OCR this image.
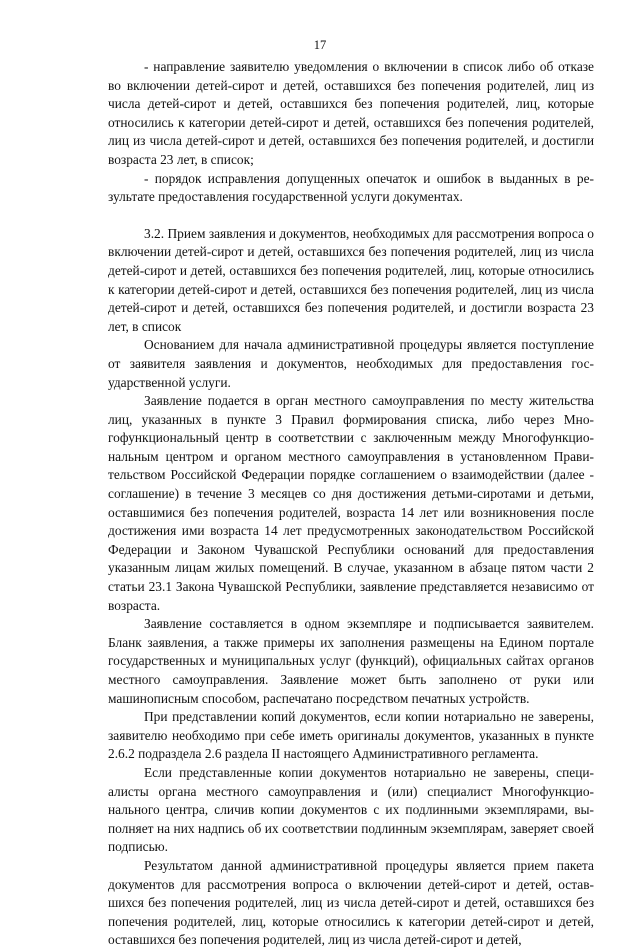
17

- направление заявителю уведомления о включении в список либо об отказе во включении детей-сирот и детей, оставшихся без попечения родителей, лиц из числа детей-сирот и детей, оставшихся без попечения родителей, лиц, которые относились к категории детей-сирот и детей, оставшихся без попечения родителей, лиц из числа детей-сирот и детей, оставшихся без попечения родителей, и достигли возраста 23 лет, в список;

- порядок исправления допущенных опечаток и ошибок в выданных в результате предоставления государственной услуги документах.

3.2. Прием заявления и документов, необходимых для рассмотрения вопроса о включении детей-сирот и детей, оставшихся без попечения родителей, лиц из числа детей-сирот и детей, оставшихся без попечения родителей, лиц, которые относились к категории детей-сирот и детей, оставшихся без попечения родителей, лиц из числа детей-сирот и детей, оставшихся без попечения родителей, и достигли возраста 23 лет, в список

Основанием для начала административной процедуры является поступление от заявителя заявления и документов, необходимых для предоставления государственной услуги.

Заявление подается в орган местного самоуправления по месту жительства лиц, указанных в пункте 3 Правил формирования списка, либо через Многофункциональный центр в соответствии с заключенным между Многофункциональным центром и органом местного самоуправления в установленном Правительством Российской Федерации порядке соглашением о взаимодействии (далее - соглашение) в течение 3 месяцев со дня достижения детьми-сиротами и детьми, оставшимися без попечения родителей, возраста 14 лет или возникновения после достижения ими возраста 14 лет предусмотренных законодательством Российской Федерации и Законом Чувашской Республики оснований для предоставления указанным лицам жилых помещений. В случае, указанном в абзаце пятом части 2 статьи 23.1 Закона Чувашской Республики, заявление представляется независимо от возраста.

Заявление составляется в одном экземпляре и подписывается заявителем. Бланк заявления, а также примеры их заполнения размещены на Едином портале государственных и муниципальных услуг (функций), официальных сайтах органов местного самоуправления. Заявление может быть заполнено от руки или машинописным способом, распечатано посредством печатных устройств.

При представлении копий документов, если копии нотариально не заверены, заявителю необходимо при себе иметь оригиналы документов, указанных в пункте 2.6.2 подраздела 2.6 раздела II настоящего Административного регламента.

Если представленные копии документов нотариально не заверены, специалисты органа местного самоуправления и (или) специалист Многофункционального центра, сличив копии документов с их подлинными экземплярами, выполняет на них надпись об их соответствии подлинным экземплярам, заверяет своей подписью.

Результатом данной административной процедуры является прием пакета документов для рассмотрения вопроса о включении детей-сирот и детей, оставшихся без попечения родителей, лиц из числа детей-сирот и детей, оставшихся без попечения родителей, лиц, которые относились к категории детей-сирот и детей, оставшихся без попечения родителей, лиц из числа детей-сирот и детей,
